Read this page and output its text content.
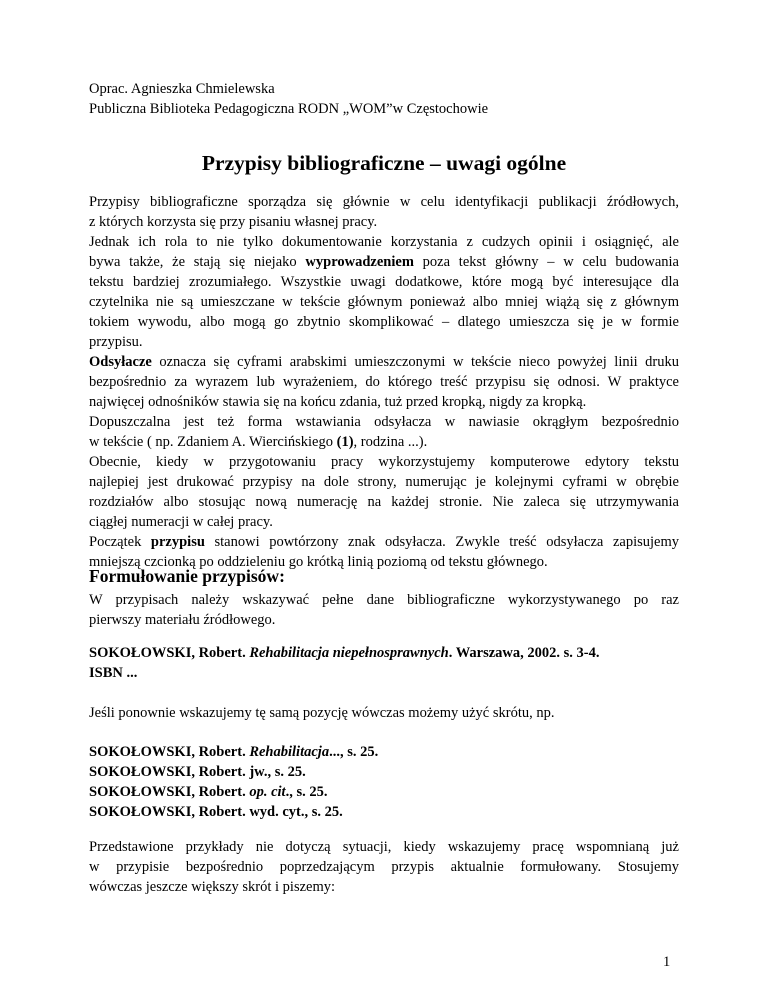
Oprac. Agnieszka Chmielewska
Publiczna Biblioteka Pedagogiczna RODN „WOM”w Częstochowie
Przypisy bibliograficzne – uwagi ogólne
Przypisy bibliograficzne sporządza się głównie w celu identyfikacji publikacji źródłowych,
z których korzysta się przy pisaniu własnej pracy.
Jednak ich rola to nie tylko dokumentowanie korzystania z cudzych opinii i osiągnięć, ale
bywa także, że stają się niejako wyprowadzeniem poza tekst główny – w celu budowania
tekstu bardziej zrozumiałego. Wszystkie uwagi dodatkowe, które mogą być interesujące dla
czytelnika nie są umieszczane w tekście głównym ponieważ albo mniej wiążą się z głównym
tokiem wywodu, albo mogą go zbytnio skomplikować – dlatego umieszcza się je w formie
przypisu.
Odsyłacze oznacza się cyframi arabskimi umieszczonymi w tekście nieco powyżej linii druku
bezpośrednio za wyrazem lub wyrażeniem, do którego treść przypisu się odnosi. W praktyce
najwięcej odnośników stawia się na końcu zdania, tuż przed kropką, nigdy za kropką.
Dopuszczalna jest też forma wstawiania odsyłacza w nawiasie okrągłym bezpośrednio
w tekście ( np. Zdaniem A. Wiercińskiego (1), rodzina ...).
Obecnie, kiedy w przygotowaniu pracy wykorzystujemy komputerowe edytory tekstu
najlepiej jest drukować przypisy na dole strony, numerując je kolejnymi cyframi w obrębie
rozdziałów albo stosując nową numerację na każdej stronie. Nie zaleca się utrzymywania
ciągłej numeracji w całej pracy.
Początek przypisu stanowi powtórzony znak odsyłacza. Zwykle treść odsyłacza zapisujemy
mniejszą czcionką po oddzieleniu go krótką linią poziomą od tekstu głównego.
Formułowanie przypisów:
W przypisach należy wskazywać pełne dane bibliograficzne wykorzystywanego po raz
pierwszy materiału źródłowego.
SOKOŁOWSKI, Robert. Rehabilitacja niepełnosprawnych. Warszawa, 2002. s. 3-4.
ISBN ...
Jeśli ponownie wskazujemy tę samą pozycję wówczas możemy użyć skrótu, np.
SOKOŁOWSKI, Robert. Rehabilitacja..., s. 25.
SOKOŁOWSKI, Robert. jw., s. 25.
SOKOŁOWSKI, Robert. op. cit., s. 25.
SOKOŁOWSKI, Robert. wyd. cyt., s. 25.
Przedstawione przykłady nie dotyczą sytuacji, kiedy wskazujemy pracę wspomnianą już
w przypisie bezpośrednio poprzedzającym przypis aktualnie formułowany. Stosujemy
wówczas jeszcze większy skrót i piszemy:
1
